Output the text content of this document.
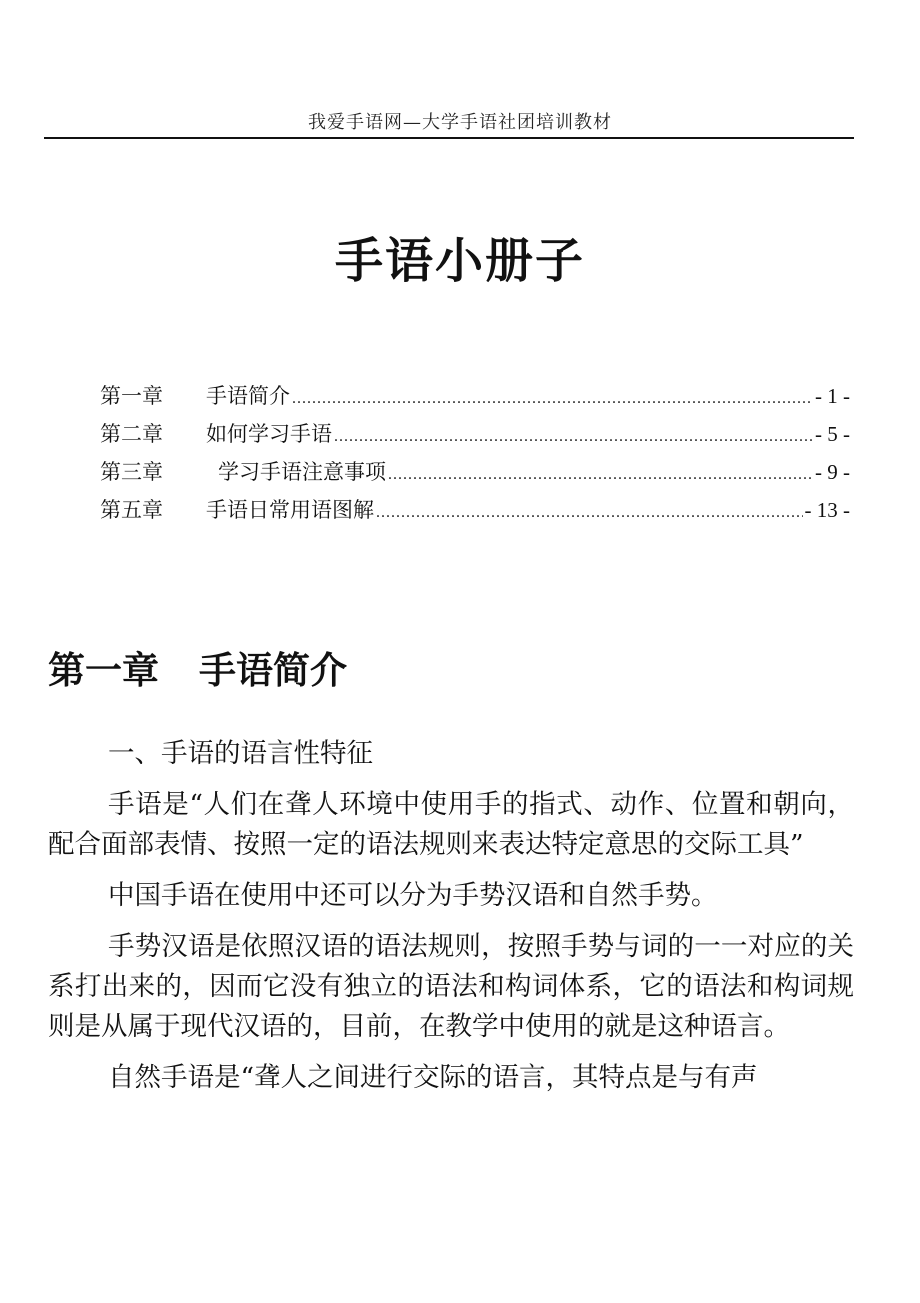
我爱手语网—大学手语社团培训教材
手语小册子
第一章	手语简介 .....	- 1 -
第二章	如何学习手语 .....	- 5 -
第三章	学习手语注意事项 .....	- 9 -
第五章	手语日常用语图解 .....	- 13 -
第一章 手语简介

一、手语的语言性特征

手语是“人们在聋人环境中使用手的指式、动作、位置和朝向，配合面部表情、按照一定的语法规则来表达特定意思的交际工具”

中国手语在使用中还可以分为手势汉语和自然手势。

手势汉语是依照汉语的语法规则，按照手势与词的一一对应的关系打出来的，因而它没有独立的语法和构词体系，它的语法和构词规则是从属于现代汉语的，目前，在教学中使用的就是这种语言。

自然手语是“聋人之间进行交际的语言，其特点是与有声
